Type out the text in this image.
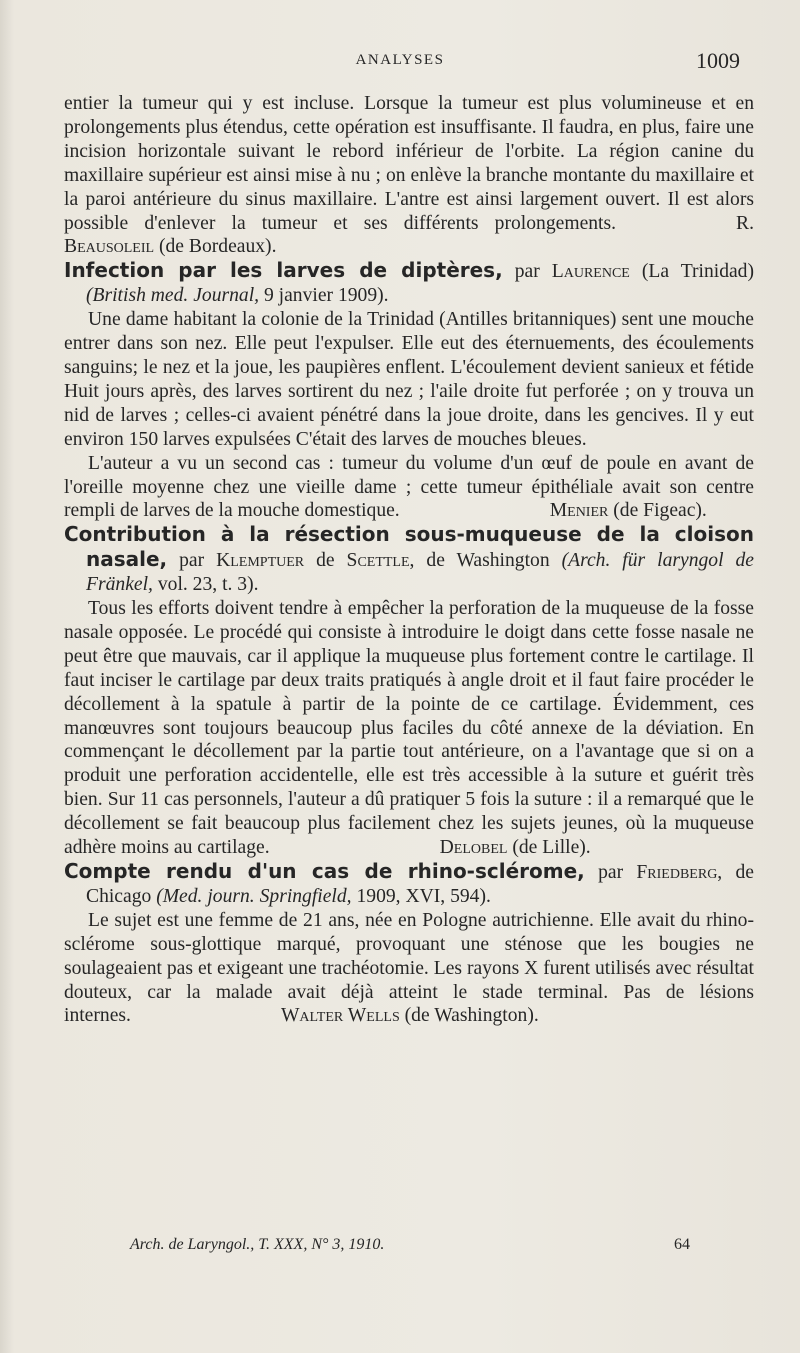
ANALYSES	1009

entier la tumeur qui y est incluse. Lorsque la tumeur est plus volumineuse et en prolongements plus étendus, cette opération est insuffisante. Il faudra, en plus, faire une incision horizontale suivant le rebord inférieur de l'orbite. La région canine du maxillaire supérieur est ainsi mise à nu ; on enlève la branche montante du maxillaire et la paroi antérieure du sinus maxillaire. L'antre est ainsi largement ouvert. Il est alors possible d'enlever la tumeur et ses différents prolongements.	R. Beausoleil (de Bordeaux).

Infection par les larves de diptères, par Laurence (La Trinidad) (British med. Journal, 9 janvier 1909).

Une dame habitant la colonie de la Trinidad (Antilles britanniques) sent une mouche entrer dans son nez. Elle peut l'expulser. Elle eut des éternuements, des écoulements sanguins; le nez et la joue, les paupières enflent. L'écoulement devient sanieux et fétide Huit jours après, des larves sortirent du nez ; l'aile droite fut perforée ; on y trouva un nid de larves ; celles-ci avaient pénétré dans la joue droite, dans les gencives. Il y eut environ 150 larves expulsées C'était des larves de mouches bleues.

L'auteur a vu un second cas : tumeur du volume d'un œuf de poule en avant de l'oreille moyenne chez une vieille dame ; cette tumeur épithéliale avait son centre rempli de larves de la mouche domestique.	Menier (de Figeac).

Contribution à la résection sous-muqueuse de la cloison nasale, par Klemptuer de Scettle, de Washington (Arch. für laryngol de Fränkel, vol. 23, t. 3).

Tous les efforts doivent tendre à empêcher la perforation de la muqueuse de la fosse nasale opposée. Le procédé qui consiste à introduire le doigt dans cette fosse nasale ne peut être que mauvais, car il applique la muqueuse plus fortement contre le cartilage. Il faut inciser le cartilage par deux traits pratiqués à angle droit et il faut faire procéder le décollement à la spatule à partir de la pointe de ce cartilage. Évidemment, ces manœuvres sont toujours beaucoup plus faciles du côté annexe de la déviation. En commençant le décollement par la partie tout antérieure, on a l'avantage que si on a produit une perforation accidentelle, elle est très accessible à la suture et guérit très bien. Sur 11 cas personnels, l'auteur a dû pratiquer 5 fois la suture : il a remarqué que le décollement se fait beaucoup plus facilement chez les sujets jeunes, où la muqueuse adhère moins au cartilage.	Delobel (de Lille).

Compte rendu d'un cas de rhino-sclérome, par Friedberg, de Chicago (Med. journ. Springfield, 1909, XVI, 594).

Le sujet est une femme de 21 ans, née en Pologne autrichienne. Elle avait du rhino-sclérome sous-glottique marqué, provoquant une sténose que les bougies ne soulageaient pas et exigeant une trachéotomie. Les rayons X furent utilisés avec résultat douteux, car la malade avait déjà atteint le stade terminal. Pas de lésions internes.	Walter Wells (de Washington).

Arch. de Laryngol., T. XXX, N° 3, 1910.	64
